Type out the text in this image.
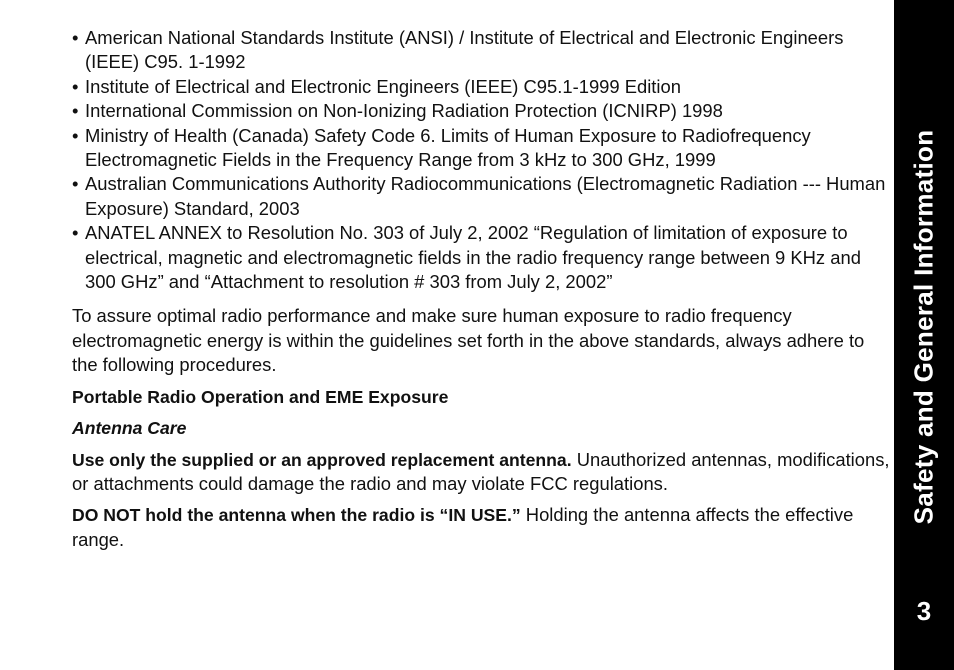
• American National Standards Institute (ANSI) / Institute of Electrical and Electronic Engineers (IEEE) C95. 1-1992
• Institute of Electrical and Electronic Engineers (IEEE) C95.1-1999 Edition
• International Commission on Non-Ionizing Radiation Protection (ICNIRP) 1998
• Ministry of Health (Canada) Safety Code 6. Limits of Human Exposure to Radiofrequency Electromagnetic Fields in the Frequency Range from 3 kHz to 300 GHz, 1999
• Australian Communications Authority Radiocommunications (Electromagnetic Radiation --- Human Exposure) Standard, 2003
• ANATEL ANNEX to Resolution No. 303 of July 2, 2002 “Regulation of limitation of exposure to electrical, magnetic and electromagnetic fields in the radio frequency range between 9 KHz and 300 GHz” and “Attachment to resolution # 303 from July 2, 2002”

To assure optimal radio performance and make sure human exposure to radio frequency electromagnetic energy is within the guidelines set forth in the above standards, always adhere to the following procedures.

Portable Radio Operation and EME Exposure

Antenna Care

Use only the supplied or an approved replacement antenna. Unauthorized antennas, modifications, or attachments could damage the radio and may violate FCC regulations.

DO NOT hold the antenna when the radio is “IN USE.” Holding the antenna affects the effective range.

Safety and General Information
3
